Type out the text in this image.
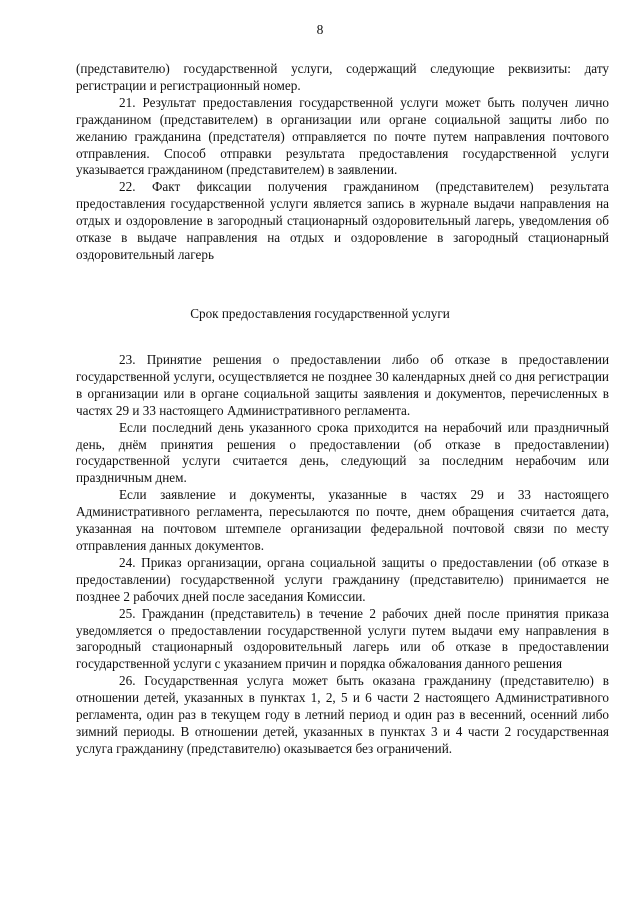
8

(представителю) государственной услуги, содержащий следующие реквизиты: дату регистрации и регистрационный номер.

21. Результат предоставления государственной услуги может быть получен лично гражданином (представителем) в организации или органе социальной защиты либо по желанию гражданина (предстателя) отправляется по почте путем направления почтового отправления. Способ отправки результата предоставления государственной услуги указывается гражданином (представителем) в заявлении.

22. Факт фиксации получения гражданином (представителем) результата предоставления государственной услуги является запись в журнале выдачи направления на отдых и оздоровление в загородный стационарный оздоровительный лагерь, уведомления об отказе в выдаче направления на отдых и оздоровление в загородный стационарный оздоровительный лагерь

Срок предоставления государственной услуги

23. Принятие решения о предоставлении либо об отказе в предоставлении государственной услуги, осуществляется не позднее 30 календарных дней со дня регистрации в организации или в органе социальной защиты заявления и документов, перечисленных в частях 29 и 33 настоящего Административного регламента.

Если последний день указанного срока приходится на нерабочий или праздничный день, днём принятия решения о предоставлении (об отказе в предоставлении) государственной услуги считается день, следующий за последним нерабочим или праздничным днем.

Если заявление и документы, указанные в частях 29 и 33 настоящего Административного регламента, пересылаются по почте, днем обращения считается дата, указанная на почтовом штемпеле организации федеральной почтовой связи по месту отправления данных документов.

24. Приказ организации, органа социальной защиты о предоставлении (об отказе в предоставлении) государственной услуги гражданину (представителю) принимается не позднее 2 рабочих дней после заседания Комиссии.

25. Гражданин (представитель) в течение 2 рабочих дней после принятия приказа уведомляется о предоставлении государственной услуги путем выдачи ему направления в загородный стационарный оздоровительный лагерь или об отказе в предоставлении государственной услуги с указанием причин и порядка обжалования данного решения

26. Государственная услуга может быть оказана гражданину (представителю) в отношении детей, указанных в пунктах 1, 2, 5 и 6 части 2 настоящего Административного регламента, один раз в текущем году в летний период и один раз в весенний, осенний либо зимний периоды. В отношении детей, указанных в пунктах 3 и 4 части 2 государственная услуга гражданину (представителю) оказывается без ограничений.
